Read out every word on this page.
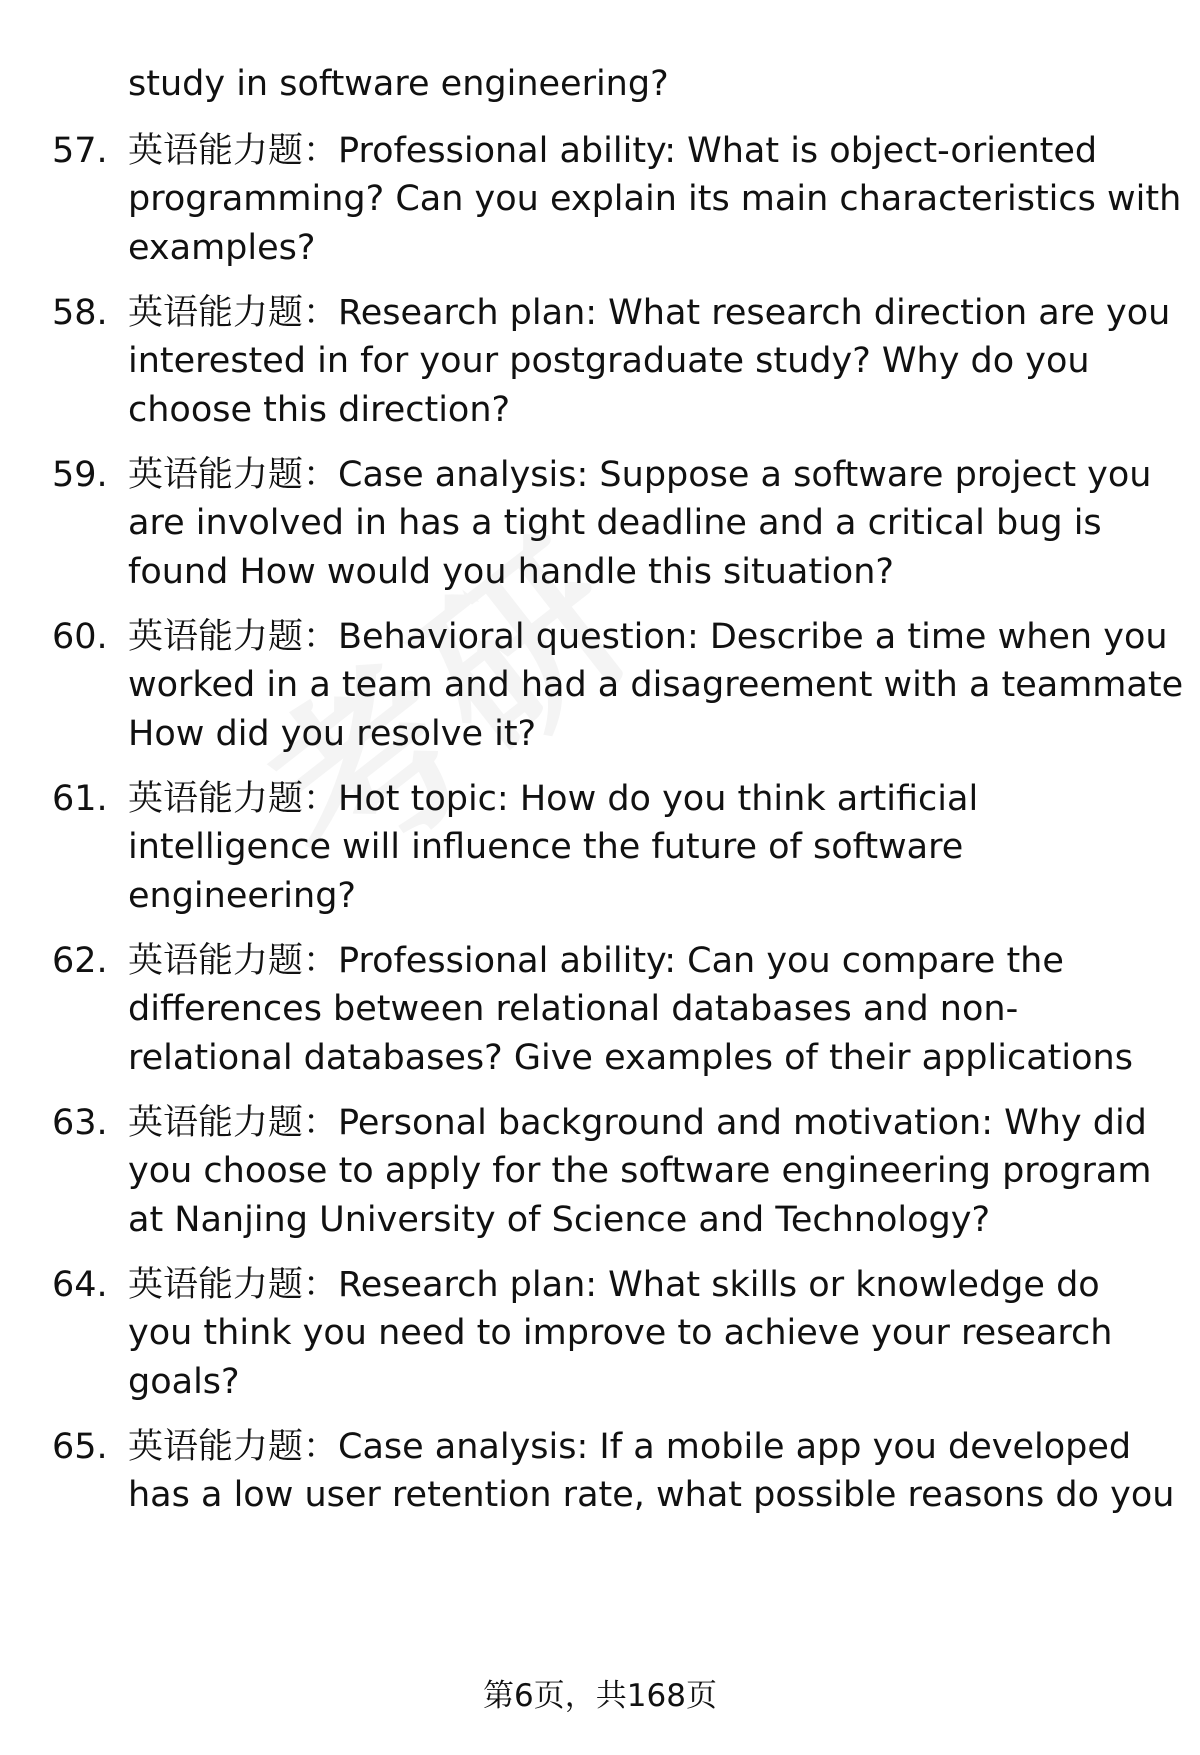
study in software engineering?
57. 英语能力题：Professional ability: What is object-oriented
programming? Can you explain its main characteristics with
examples?
58. 英语能力题：Research plan: What research direction are you
interested in for your postgraduate study? Why do you
choose this direction?
59. 英语能力题：Case analysis: Suppose a software project you
are involved in has a tight deadline and a critical bug is
found How would you handle this situation?
60. 英语能力题：Behavioral question: Describe a time when you
worked in a team and had a disagreement with a teammate
How did you resolve it?
61. 英语能力题：Hot topic: How do you think artificial
intelligence will influence the future of software
engineering?
62. 英语能力题：Professional ability: Can you compare the
differences between relational databases and non-
relational databases? Give examples of their applications
63. 英语能力题：Personal background and motivation: Why did
you choose to apply for the software engineering program
at Nanjing University of Science and Technology?
64. 英语能力题：Research plan: What skills or knowledge do
you think you need to improve to achieve your research
goals?
65. 英语能力题：Case analysis: If a mobile app you developed
has a low user retention rate, what possible reasons do you
第6页，共168页
